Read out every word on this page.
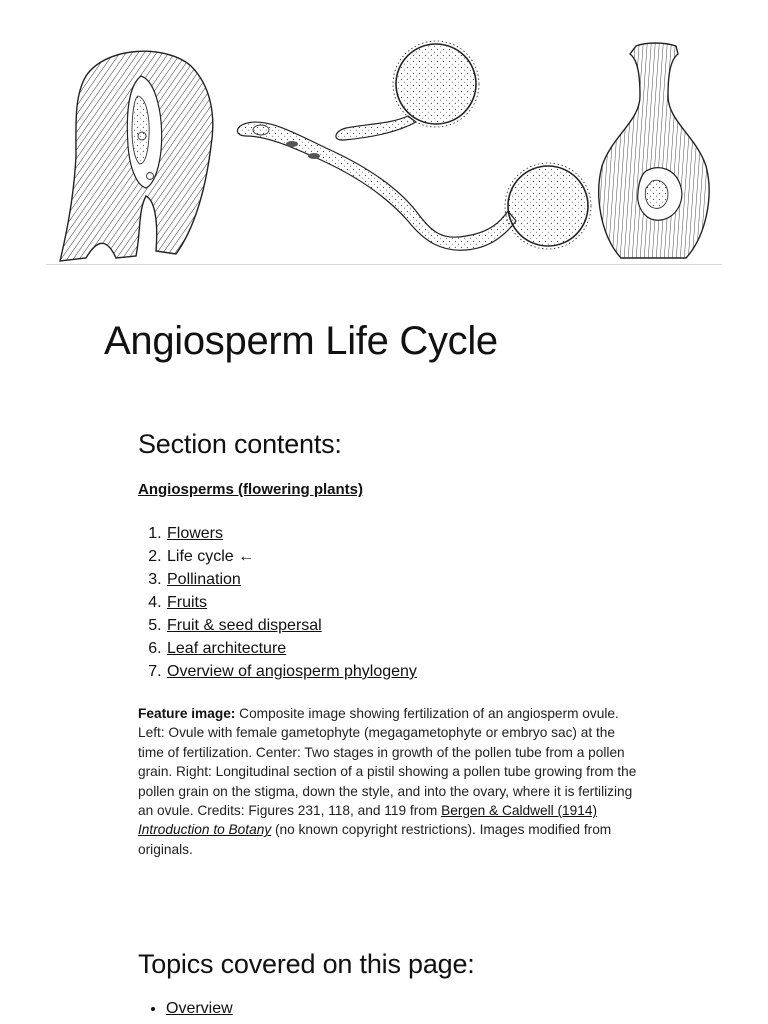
Angiosperm Life Cycle
Section contents:
Angiosperms (flowering plants)
1. Flowers
2. Life cycle ←
3. Pollination
4. Fruits
5. Fruit & seed dispersal
6. Leaf architecture
7. Overview of angiosperm phylogeny

Feature image: Composite image showing fertilization of an angiosperm ovule. Left: Ovule with female gametophyte (megagametophyte or embryo sac) at the time of fertilization. Center: Two stages in growth of the pollen tube from a pollen grain. Right: Longitudinal section of a pistil showing a pollen tube growing from the pollen grain on the stigma, down the style, and into the ovary, where it is fertilizing an ovule. Credits: Figures 231, 118, and 119 from Bergen & Caldwell (1914) Introduction to Botany (no known copyright restrictions). Images modified from originals.

Topics covered on this page:
• Overview
